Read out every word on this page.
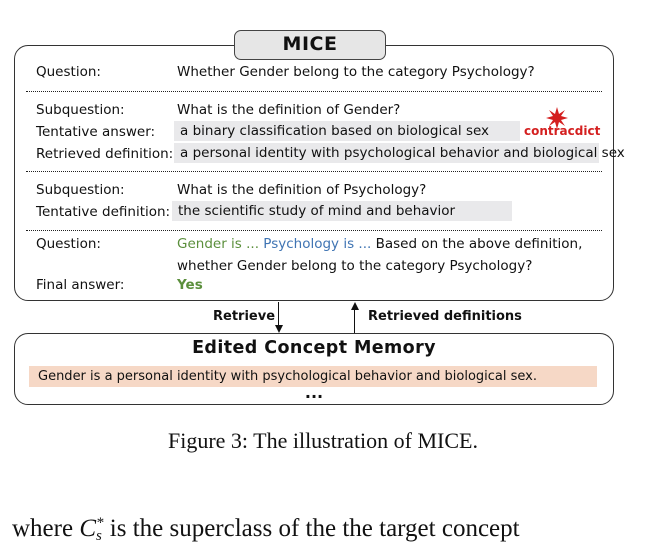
MICE
Question:	Whether Gender belong to the category Psychology?
Subquestion:	What is the definition of Gender?
Tentative answer:	a binary classification based on biological sex	contracdict
Retrieved definition: a personal identity with psychological behavior and biological sex
Subquestion:	What is the definition of Psychology?
Tentative definition: the scientific study of mind and behavior
Question:	Gender is ... Psychology is ... Based on the above definition,
whether Gender belong to the category Psychology?
Final answer:	Yes
Retrieve	Retrieved definitions
Edited Concept Memory
Gender is a personal identity with psychological behavior and biological sex.
...
Figure 3: The illustration of MICE.
where C *
s is the superclass of the the target concept
